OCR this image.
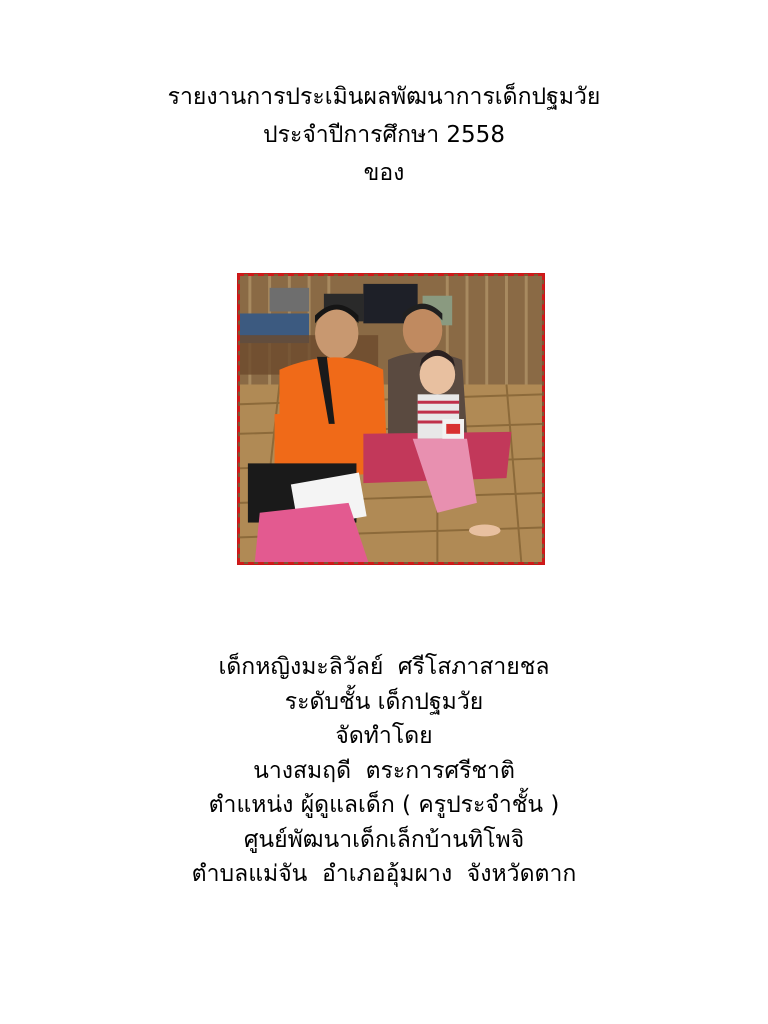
รายงานการประเมินผลพัฒนาการเด็กปฐมวัย
ประจำปีการศึกษา 2558
ของ
เด็กหญิงมะลิวัลย์  ศรีโสภาสายชล
ระดับชั้น เด็กปฐมวัย
จัดทำโดย
นางสมฤดี  ตระการศรีชาติ
ตำแหน่ง ผู้ดูแลเด็ก ( ครูประจำชั้น )
ศูนย์พัฒนาเด็กเล็กบ้านทิโพจิ
ตำบลแม่จัน  อำเภออุ้มผาง  จังหวัดตาก
